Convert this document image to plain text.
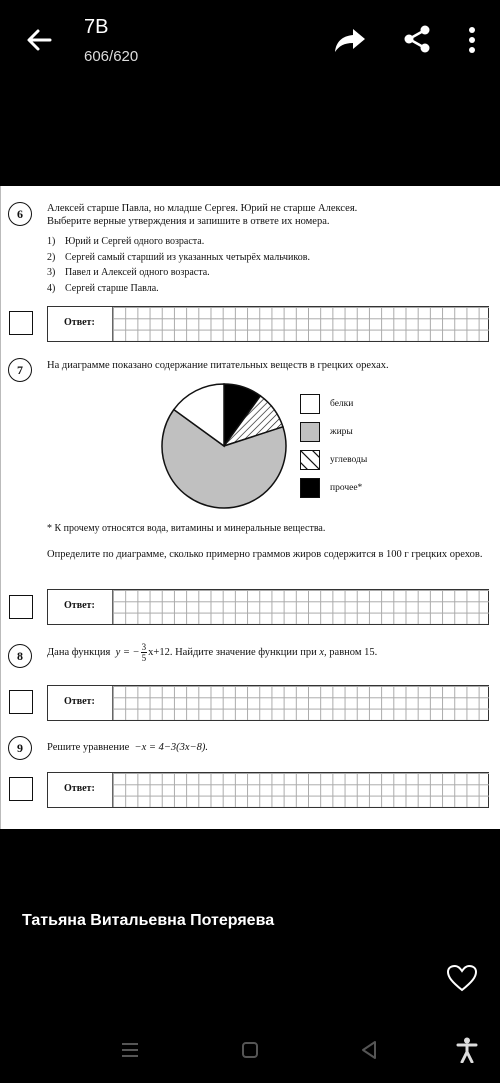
7В
606/620
6	Алексей старше Павла, но младше Сергея. Юрий не старше Алексея. Выберите верные утверждения и запишите в ответе их номера.
1) Юрий и Сергей одного возраста.
2) Сергей самый старший из указанных четырёх мальчиков.
3) Павел и Алексей одного возраста.
4) Сергей старше Павла.
Ответ:
7	На диаграмме показано содержание питательных веществ в грецких орехах.
белки
жиры
углеводы
прочее*
* К прочему относятся вода, витамины и минеральные вещества.
Определите по диаграмме, сколько примерно граммов жиров содержится в 100 г грецких орехов.
Ответ:
8	Дана функция
y = − $\frac{3}{5} x+12$. Найдите значение функции при
x,
равном 15.
Ответ:
9	Решите уравнение −x = 4−3(3x−8).
Ответ:
Татьяна Витальевна Потеряева
